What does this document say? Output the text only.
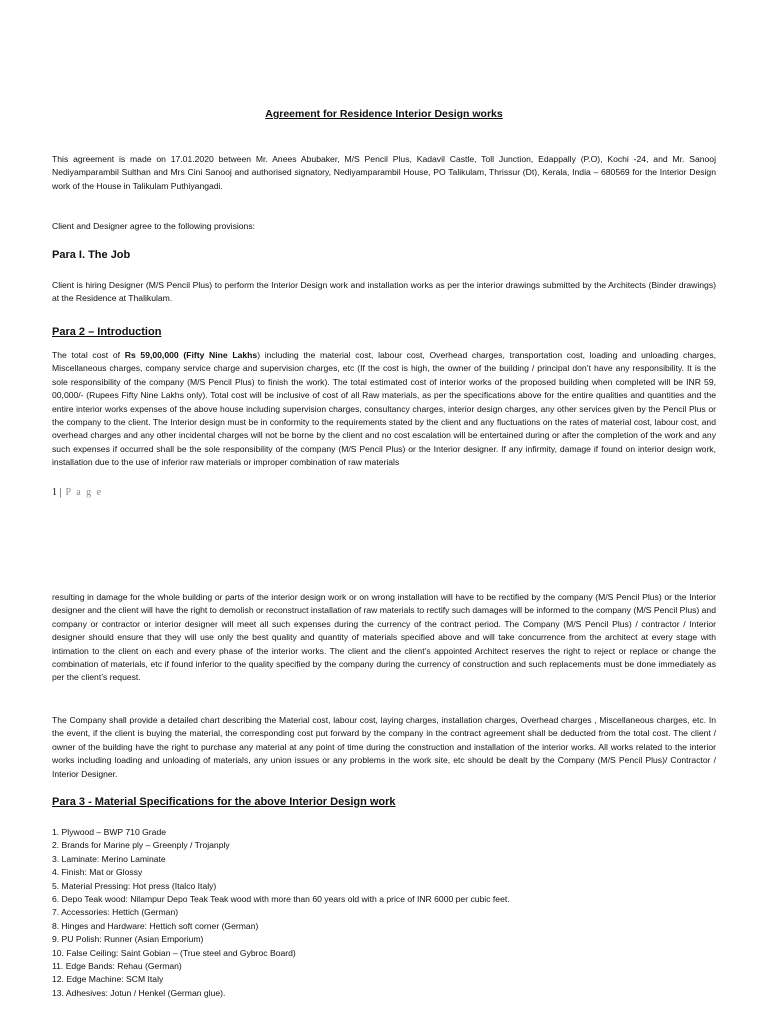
Agreement for Residence Interior Design works

This agreement is made on 17.01.2020 between Mr. Anees Abubaker, M/S Pencil Plus, Kadavil Castle, Toll Junction, Edappally (P.O), Kochi -24, and Mr. Sanooj Nediyamparambil Sulthan and Mrs Cini Sanooj and authorised signatory, Nediyamparambil House, PO Talikulam, Thrissur (Dt), Kerala, India – 680569 for the Interior Design work of the House in Talikulam Puthiyangadi.

Client and Designer agree to the following provisions:

Para I. The Job

Client is hiring Designer (M/S Pencil Plus) to perform the Interior Design work and installation works as per the interior drawings submitted by the Architects (Binder drawings) at the Residence at Thalikulam.

Para 2 – Introduction

The total cost of Rs 59,00,000 (Fifty Nine Lakhs) including the material cost, labour cost, Overhead charges, transportation cost, loading and unloading charges, Miscellaneous charges, company service charge and supervision charges, etc (If the cost is high, the owner of the building / principal don’t have any responsibility. It is the sole responsibility of the company (M/S Pencil Plus) to finish the work). The total estimated cost of interior works of the proposed building when completed will be INR 59, 00,000/- (Rupees Fifty Nine Lakhs only). Total cost will be inclusive of cost of all Raw materials, as per the specifications above for the entire qualities and quantities and the entire interior works expenses of the above house including supervision charges, consultancy charges, interior design charges, any other services given by the Pencil Plus or the company to the client. The Interior design must be in conformity to the requirements stated by the client and any fluctuations on the rates of material cost, labour cost, and overhead charges and any other incidental charges will not be borne by the client and no cost escalation will be entertained during or after the completion of the work and any such expenses if occurred shall be the sole responsibility of the company (M/S Pencil Plus) or the Interior designer. If any infirmity, damage if found on interior design work, installation due to the use of inferior raw materials or improper combination of raw materials

resulting in damage for the whole building or parts of the interior design work or on wrong installation will have to be rectified by the company (M/S Pencil Plus) or the Interior designer and the client will have the right to demolish or reconstruct installation of raw materials to rectify such damages will be informed to the company (M/S Pencil Plus) and company or contractor or interior designer will meet all such expenses during the currency of the contract period. The Company (M/S Pencil Plus) / contractor / Interior designer should ensure that they will use only the best quality and quantity of materials specified above and will take concurrence from the architect at every stage with intimation to the client on each and every phase of the interior works. The client and the client’s appointed Architect reserves the right to reject or replace or change the combination of materials, etc if found inferior to the quality specified by the company during the currency of construction and such replacements must be done immediately as per the client’s request.

The Company shall provide a detailed chart describing the Material cost, labour cost, laying charges, installation charges, Overhead charges , Miscellaneous charges, etc. In the event, if the client is buying the material, the corresponding cost put forward by the company in the contract agreement shall be deducted from the total cost. The client / owner of the building have the right to purchase any material at any point of time during the construction and installation of the interior works. All works related to the interior works including loading and unloading of materials, any union issues or any problems in the work site, etc should be dealt by the Company (M/S Pencil Plus)/ Contractor / Interior Designer.

Para 3 - Material Specifications for the above Interior Design work

1. Plywood – BWP 710 Grade
2. Brands for Marine ply – Greenply / Trojanply
3. Laminate: Merino Laminate
4. Finish: Mat or Glossy
5. Material Pressing: Hot press (Italco Italy)
6. Depo Teak wood: Nilampur Depo Teak Teak wood with more than 60 years old with a price of INR 6000 per cubic feet.
7. Accessories: Hettich (German)
8. Hinges and Hardware: Hettich soft corner (German)
9. PU Polish: Runner (Asian Emporium)
10. False Ceiling: Saint Gobian – (True steel and Gybroc Board)
11. Edge Bands: Rehau (German)
12. Edge Machine: SCM Italy
13. Adhesives: Jotun / Henkel (German glue).
1 | P a g e
